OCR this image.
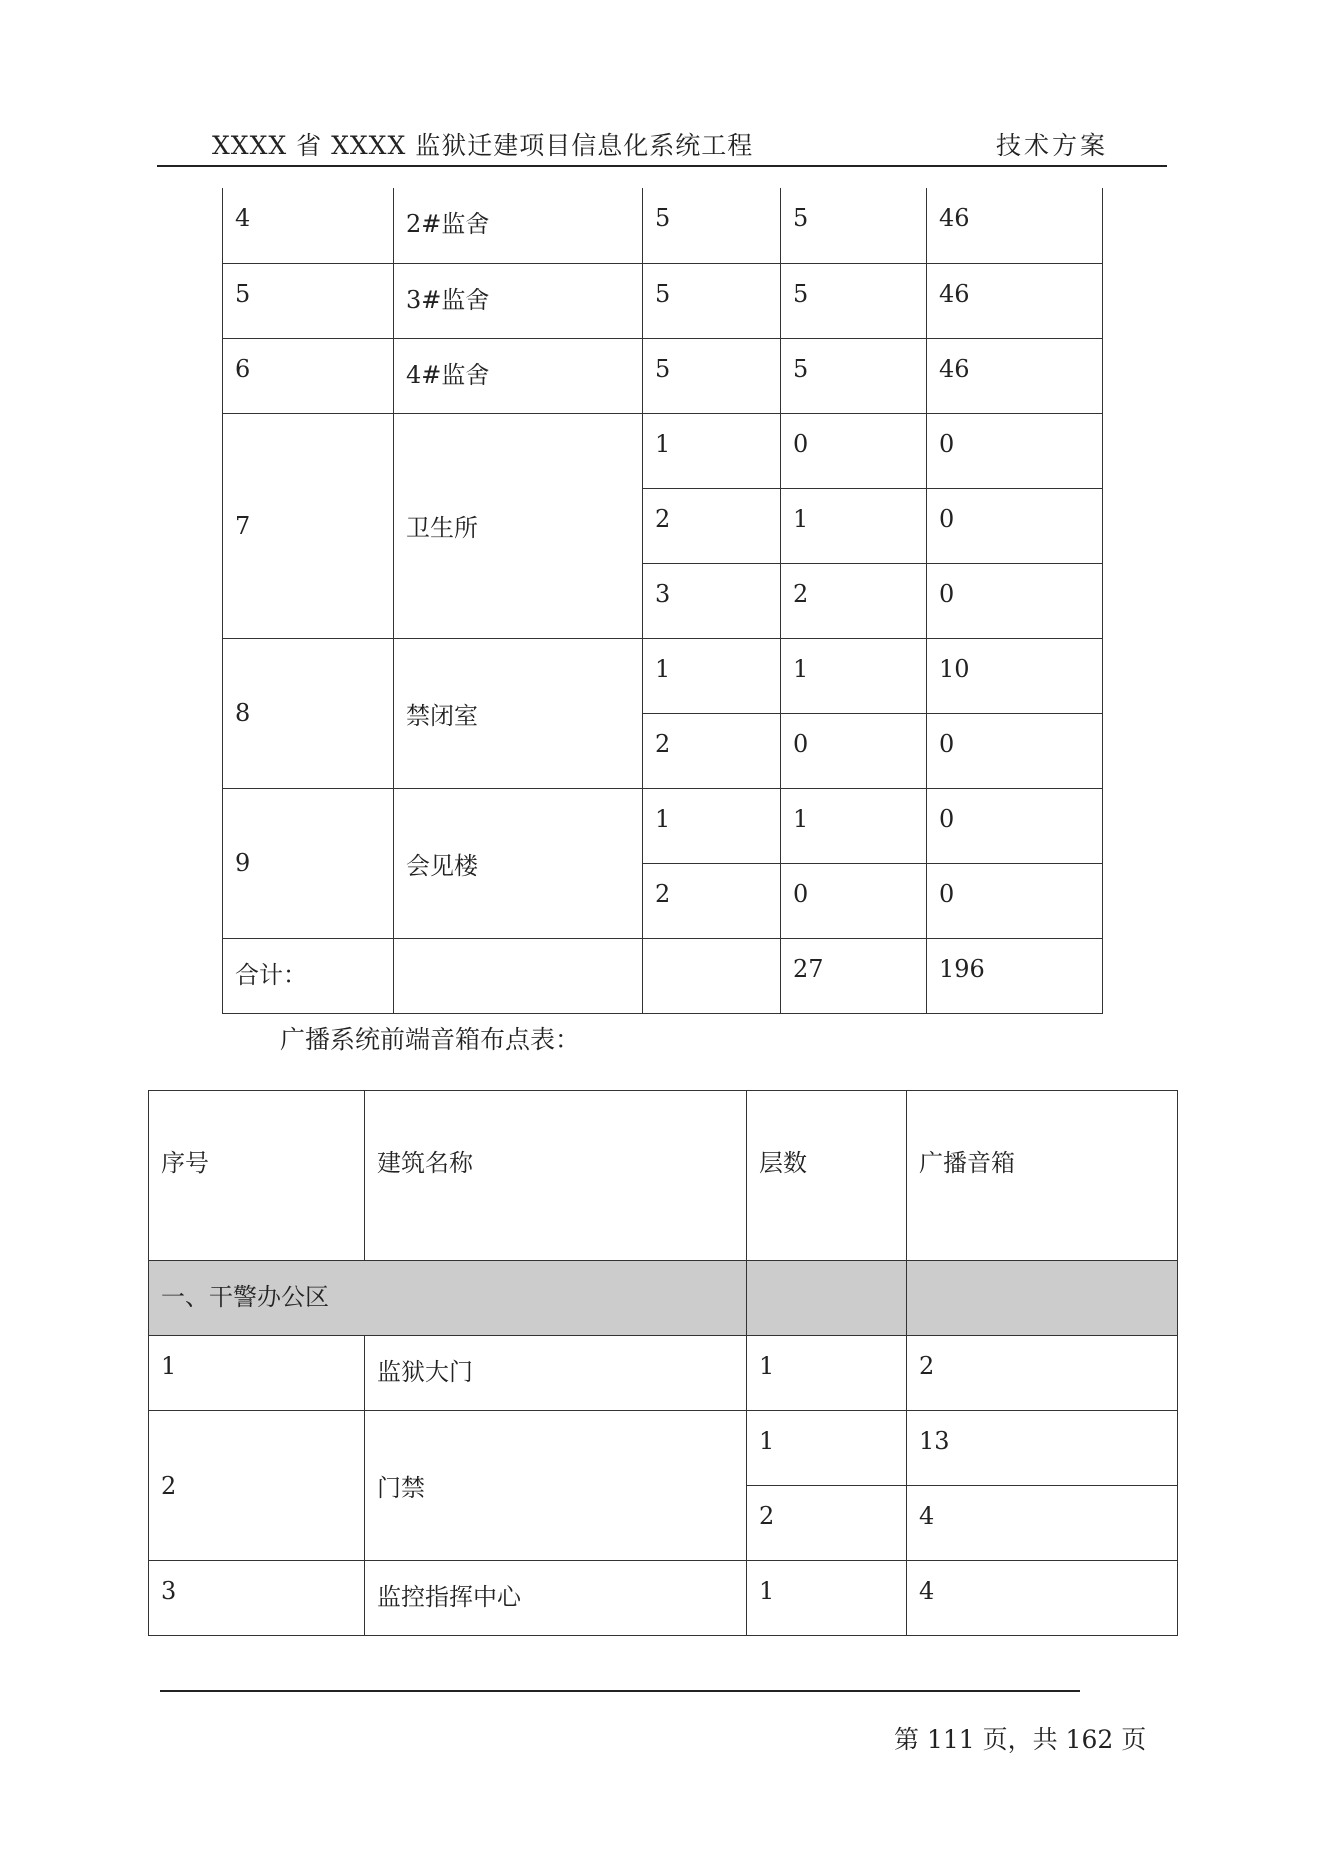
XXXX 省 XXXX 监狱迁建项目信息化系统工程	技术方案
4	2#监舍	5	5	46

5	3#监舍	5	5	46

6	4#监舍	5	5	46

7	卫生所	1	0	0

		2	1	0

		3	2	0

8	禁闭室	1	1	10

		2	0	0

9	会见楼	1	1	0

		2	0	0

合计：			27	196
广播系统前端音箱布点表：
序号	建筑名称	层数	广播音箱

一、干警办公区			

1	监狱大门	1	2

2	门禁	1	13

		2	4

3	监控指挥中心	1	4
第 111 页，共 162 页
